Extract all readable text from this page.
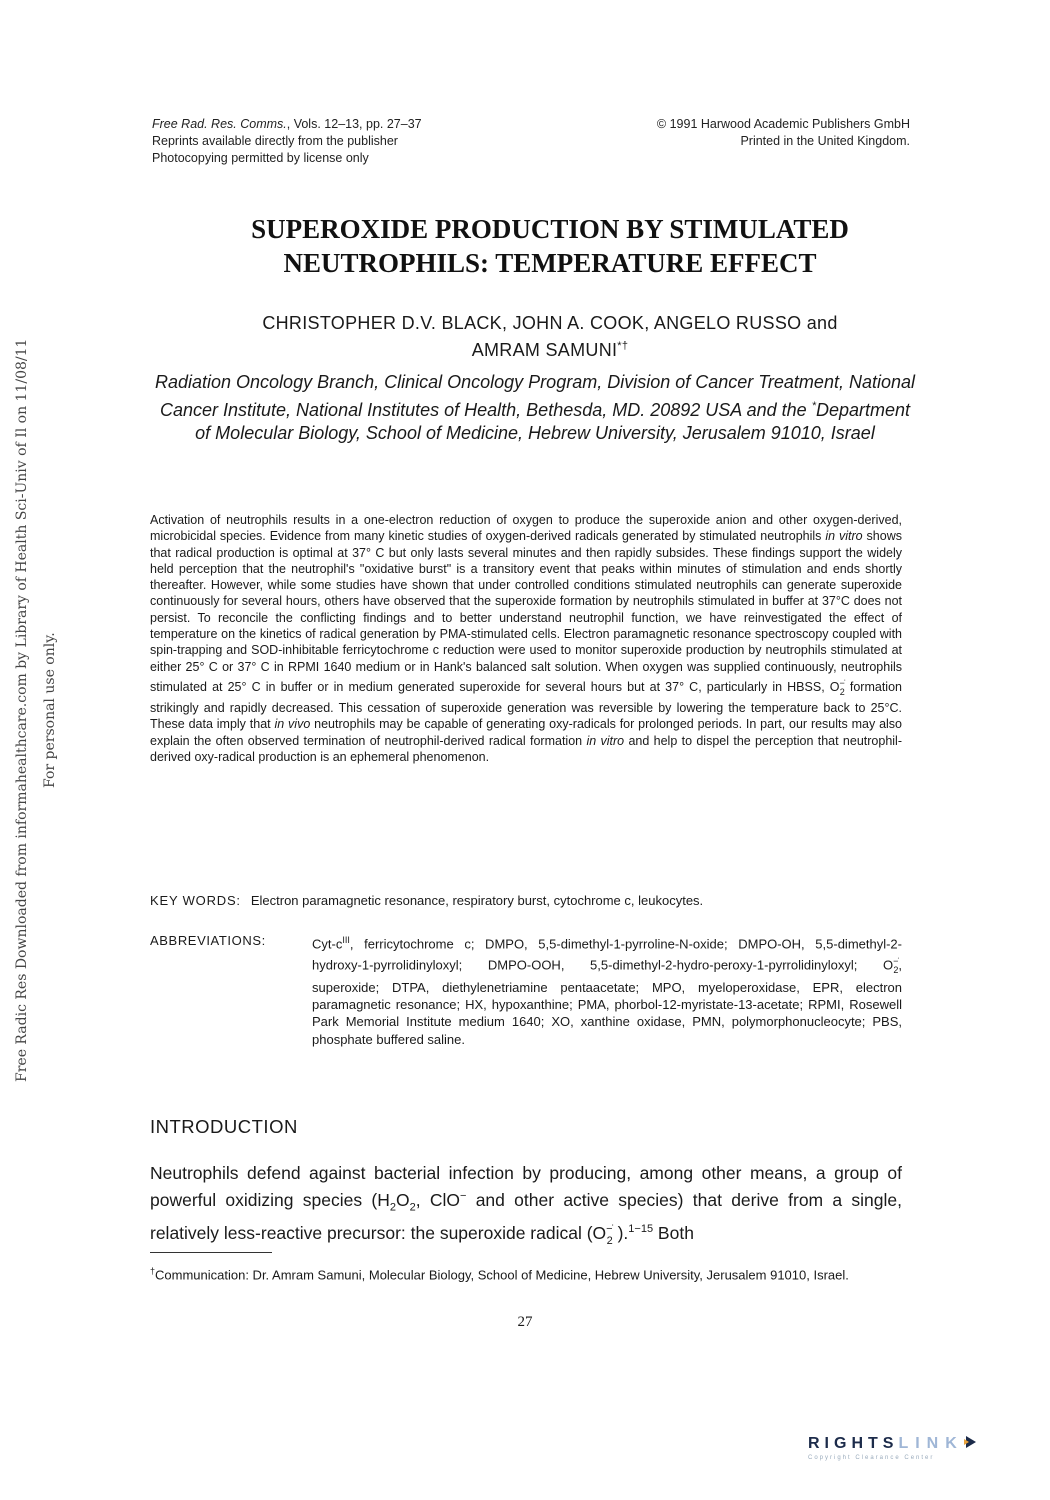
Free Radic Res Downloaded from informahealthcare.com by Library of Health Sci-Univ of Il on 11/08/11 For personal use only.
Free Rad. Res. Comms., Vols. 12–13, pp. 27–37
Reprints available directly from the publisher
Photocopying permitted by license only
© 1991 Harwood Academic Publishers GmbH
Printed in the United Kingdom.
SUPEROXIDE PRODUCTION BY STIMULATED
NEUTROPHILS: TEMPERATURE EFFECT
CHRISTOPHER D.V. BLACK, JOHN A. COOK, ANGELO RUSSO and
AMRAM SAMUNI*†
Radiation Oncology Branch, Clinical Oncology Program, Division of Cancer Treatment, National Cancer Institute, National Institutes of Health, Bethesda, MD. 20892 USA and the *Department of Molecular Biology, School of Medicine, Hebrew University, Jerusalem 91010, Israel

Activation of neutrophils results in a one-electron reduction of oxygen to produce the superoxide anion and other oxygen-derived, microbicidal species. Evidence from many kinetic studies of oxygen-derived radicals generated by stimulated neutrophils in vitro shows that radical production is optimal at 37° C but only lasts several minutes and then rapidly subsides. These findings support the widely held perception that the neutrophil's "oxidative burst" is a transitory event that peaks within minutes of stimulation and ends shortly thereafter. However, while some studies have shown that under controlled conditions stimulated neutrophils can generate superoxide continuously for several hours, others have observed that the superoxide formation by neutrophils stimulated in buffer at 37°C does not persist. To reconcile the conflicting findings and to better understand neutrophil function, we have reinvestigated the effect of temperature on the kinetics of radical generation by PMA-stimulated cells. Electron paramagnetic resonance spectroscopy coupled with spin-trapping and SOD-inhibitable ferricytochrome c reduction were used to monitor superoxide production by neutrophils stimulated at either 25° C or 37° C in RPMI 1640 medium or in Hank's balanced salt solution. When oxygen was supplied continuously, neutrophils stimulated at 25° C in buffer or in medium generated superoxide for several hours but at 37° C, particularly in HBSS, $O^{-̇}_2$ formation strikingly and rapidly decreased. This cessation of superoxide generation was reversible by lowering the temperature back to 25°C. These data imply that in vivo neutrophils may be capable of generating oxy-radicals for prolonged periods. In part, our results may also explain the often observed termination of neutrophil-derived radical formation in vitro and help to dispel the perception that neutrophil-derived oxy-radical production is an ephemeral phenomenon.

KEY WORDS: Electron paramagnetic resonance, respiratory burst, cytochrome c, leukocytes.
ABBREVIATIONS:	Cyt-$c^{III}$, ferricytochrome c; DMPO, 5,5-dimethyl-1-pyrroline-N-oxide; DMPO-OH, 5,5-dimethyl-2-hydroxy-1-pyrrolidinyloxyl; DMPO-OOH, 5,5-dimethyl-2-hydro-peroxy-1-pyrrolidinyloxyl; $O^{-̇}_2$, superoxide; DTPA, diethylenetriamine pentaacetate; MPO, myeloperoxidase, EPR, electron paramagnetic resonance; HX, hypoxanthine; PMA, phorbol-12-myristate-13-acetate; RPMI, Rosewell Park Memorial Institute medium 1640; XO, xanthine oxidase, PMN, polymorphonucleocyte; PBS, phosphate buffered saline.
INTRODUCTION

Neutrophils defend against bacterial infection by producing, among other means, a group of powerful oxidizing species ($H_2O_2$, ClO− and other active species) that derive from a single, relatively less-reactive precursor: the superoxide radical ($O^{-̇}_2$ ).$^{1-15}$ Both

†Communication: Dr. Amram Samuni, Molecular Biology, School of Medicine, Hebrew University, Jerusalem 91010, Israel.
27
RIGHTSLINK
Copyright Clearance Center
